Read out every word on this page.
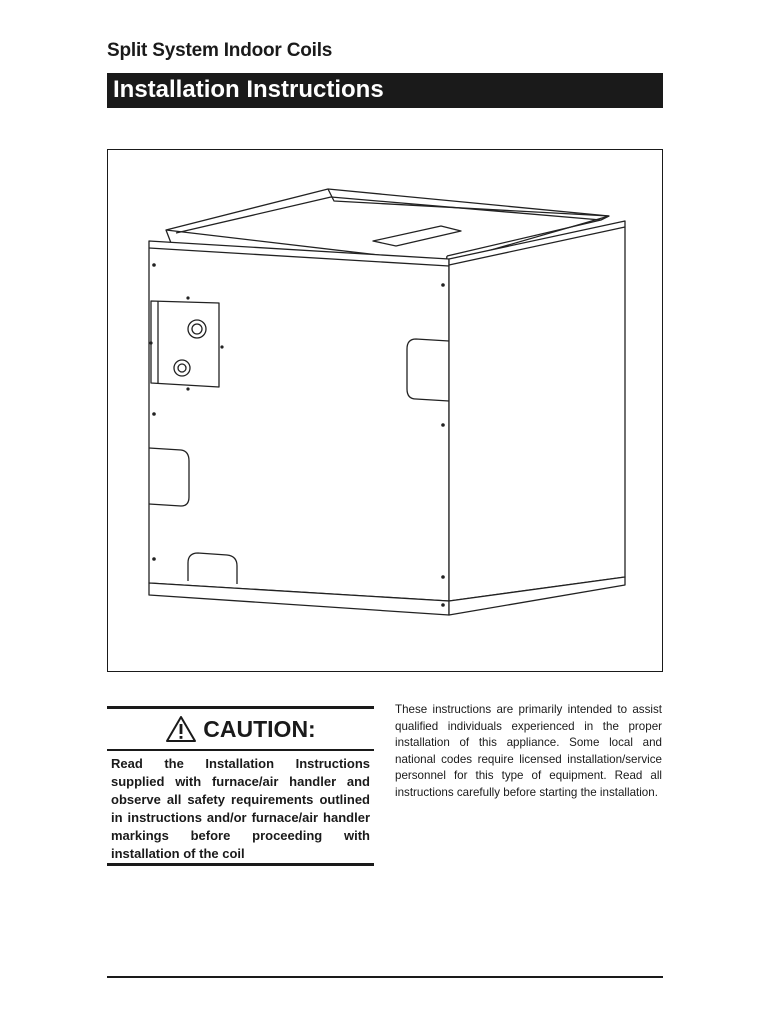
Split System Indoor Coils
Installation Instructions
CAUTION:
Read the Installation Instructions supplied with furnace/air handler and observe all safety requirements outlined in instructions and/or furnace/air handler markings before proceeding with installation of the coil
These instructions are primarily intended to assist qualified individuals experienced in the proper installation of this appliance. Some local and national codes require licensed installation/service personnel for this type of equipment. Read all instructions carefully before starting the installation.
